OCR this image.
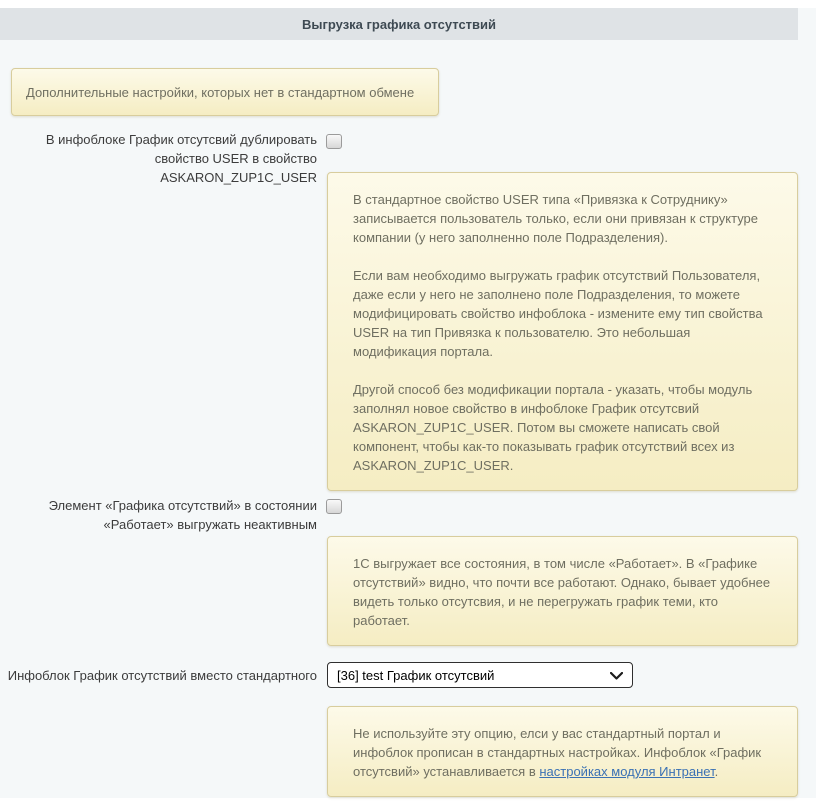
Выгрузка графика отсутствий
Дополнительные настройки, которых нет в стандартном обмене
В инфоблоке График отсутсвий дублировать
свойство USER в свойство
ASKARON_ZUP1C_USER

В стандартное свойство USER типа «Привязка к Сотруднику» записывается пользователь только, если они привязан к структуре компании (у него заполненно поле Подразделения).

Если вам необходимо выгружать график отсутствий Пользователя, даже если у него не заполнено поле Подразделения, то можете модифицировать свойство инфоблока - измените ему тип свойства USER на тип Привязка к пользователю. Это небольшая модификация портала.

Другой способ без модификации портала - указать, чтобы модуль заполнял новое свойство в инфоблоке График отсутсвий ASKARON_ZUP1C_USER. Потом вы сможете написать свой компонент, чтобы как-то показывать график отсутствий всех из ASKARON_ZUP1C_USER.

Элемент «Графика отсутствий» в состоянии
«Работает» выгружать неактивным

1С выгружает все состояния, в том числе «Работает». В «Графике отсутствий» видно, что почти все работают. Однако, бывает удобнее видеть только отсутсвия, и не перегружать график теми, кто работает.

Инфоблок График отсутствий вместо стандартного [36] test График отсутсвий

Не используйте эту опцию, елси у вас стандартный портал и инфоблок прописан в стандартных настройках. Инфоблок «График отсутсвий» устанавливается в настройках модуля Интранет.
